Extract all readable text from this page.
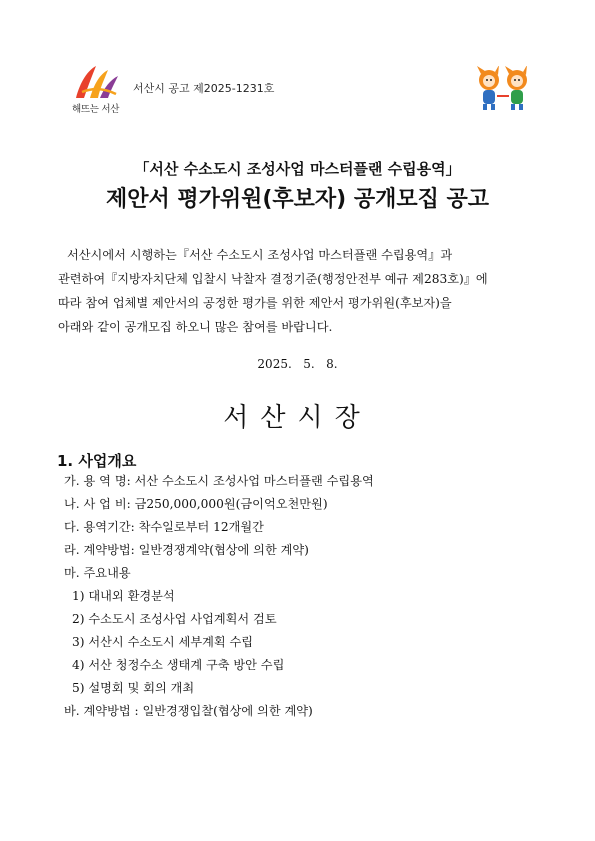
해뜨는 서산
서산시 공고 제2025-1231호
「서산 수소도시 조성사업 마스터플랜 수립용역」
제안서 평가위원(후보자) 공개모집 공고
서산시에서 시행하는『서산 수소도시 조성사업 마스터플랜 수립용역』과
관련하여『지방자치단체 입찰시 낙찰자 결정기준(행정안전부 예규 제283호)』에
따라 참여 업체별 제안서의 공정한 평가를 위한 제안서 평가위원(후보자)을
아래와 같이 공개모집 하오니 많은 참여를 바랍니다.
2025.   5.   8.
서산시장
1. 사업개요
가. 용 역 명: 서산 수소도시 조성사업 마스터플랜 수립용역
나. 사 업 비: 금250,000,000원(금이억오천만원)
다. 용역기간: 착수일로부터 12개월간
라. 계약방법: 일반경쟁계약(협상에 의한 계약)
마. 주요내용
1) 대내외 환경분석
2) 수소도시 조성사업 사업계획서 검토
3) 서산시 수소도시 세부계획 수립
4) 서산 청정수소 생태계 구축 방안 수립
5) 설명회 및 회의 개최
바. 계약방법 : 일반경쟁입찰(협상에 의한 계약)
